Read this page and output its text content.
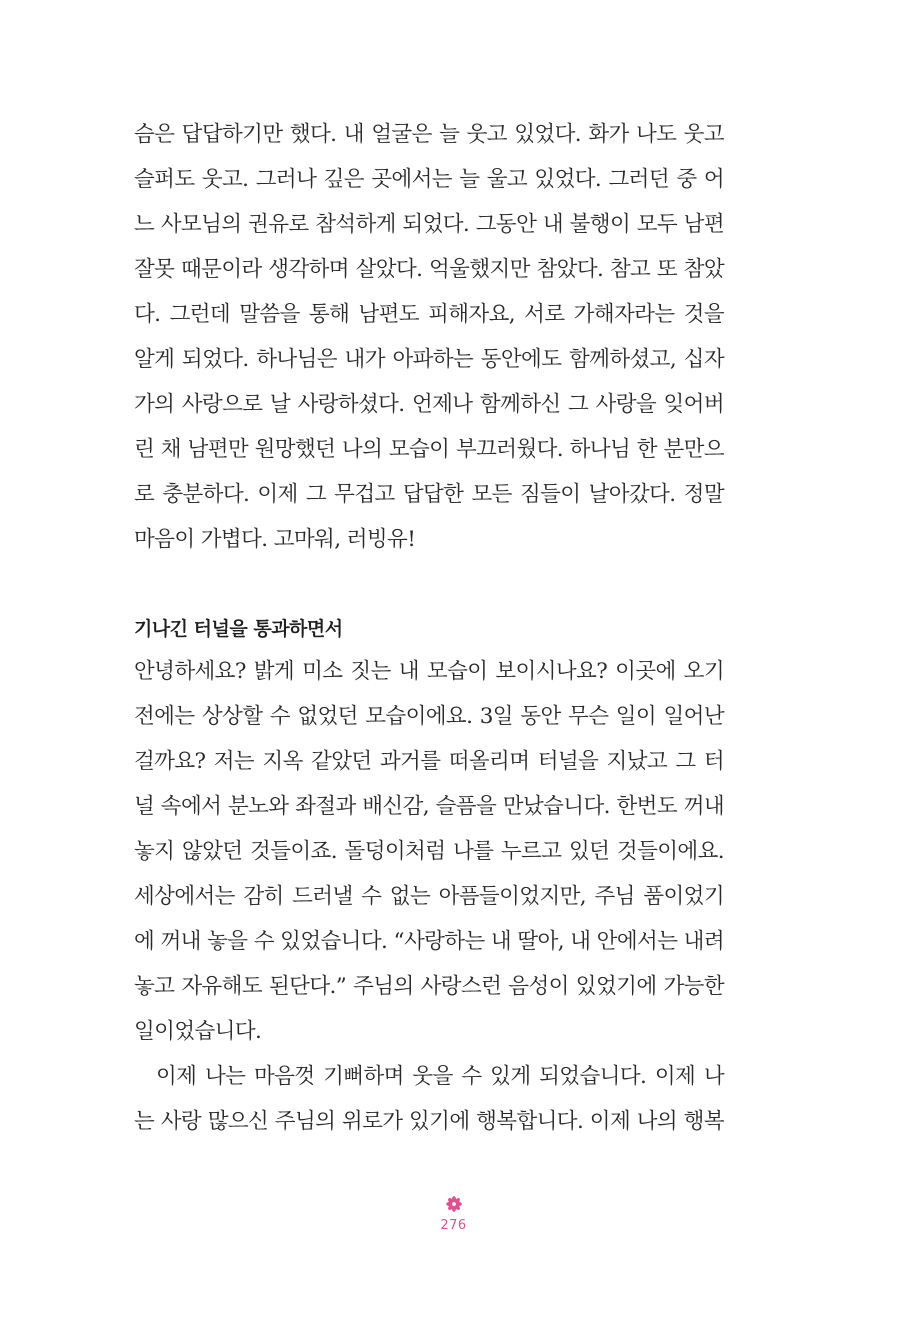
슴은 답답하기만 했다. 내 얼굴은 늘 웃고 있었다. 화가 나도 웃고
슬퍼도 웃고. 그러나 깊은 곳에서는 늘 울고 있었다. 그러던 중 어
느 사모님의 권유로 참석하게 되었다. 그동안 내 불행이 모두 남편
잘못 때문이라 생각하며 살았다. 억울했지만 참았다. 참고 또 참았
다. 그런데 말씀을 통해 남편도 피해자요, 서로 가해자라는 것을
알게 되었다. 하나님은 내가 아파하는 동안에도 함께하셨고, 십자
가의 사랑으로 날 사랑하셨다. 언제나 함께하신 그 사랑을 잊어버
린 채 남편만 원망했던 나의 모습이 부끄러웠다. 하나님 한 분만으
로 충분하다. 이제 그 무겁고 답답한 모든 짐들이 날아갔다. 정말
마음이 가볍다. 고마워, 러빙유!
기나긴 터널을 통과하면서
안녕하세요? 밝게 미소 짓는 내 모습이 보이시나요? 이곳에 오기
전에는 상상할 수 없었던 모습이에요. 3일 동안 무슨 일이 일어난
걸까요? 저는 지옥 같았던 과거를 떠올리며 터널을 지났고 그 터
널 속에서 분노와 좌절과 배신감, 슬픔을 만났습니다. 한번도 꺼내
놓지 않았던 것들이죠. 돌덩이처럼 나를 누르고 있던 것들이에요.
세상에서는 감히 드러낼 수 없는 아픔들이었지만, 주님 품이었기
에 꺼내 놓을 수 있었습니다. “사랑하는 내 딸아, 내 안에서는 내려
놓고 자유해도 된단다.” 주님의 사랑스런 음성이 있었기에 가능한
일이었습니다.
이제 나는 마음껏 기뻐하며 웃을 수 있게 되었습니다. 이제 나
는 사랑 많으신 주님의 위로가 있기에 행복합니다. 이제 나의 행복
276
